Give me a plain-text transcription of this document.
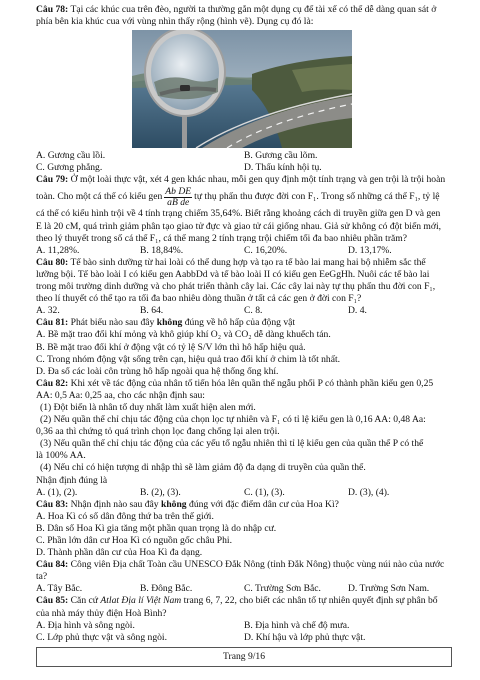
Câu 78: Tại các khúc cua trên đèo, người ta thường gắn một dụng cụ để tài xế có thể dễ dàng quan sát ở

phía bên kia khúc cua với vùng nhìn thấy rộng (hình vẽ). Dụng cụ đó là:

A. Gương cầu lồi.	B. Gương cầu lõm.
C. Gương phẳng.	D. Thấu kính hội tụ.

Câu 79: Ở một loài thực vật, xét 4 gen khác nhau, mỗi gen quy định một tính trạng và gen trội là trội hoàn

toàn. Cho một cá thể có kiểu gen $\frac{\text{Ab DE}}{\text{aB de}}$ tự thụ phấn thu được đời con F₁. Trong số những cá thể F₁, tỷ lệ

cá thể có kiểu hình trội về 4 tính trạng chiếm 35,64%. Biết rằng khoảng cách di truyền giữa gen D và gen

E là 20 cM, quá trình giảm phân tạo giao tử đực và giao tử cái giống nhau. Giả sử không có đột biến mới,

theo lý thuyết trong số cá thể F₁, cá thể mang 2 tính trạng trội chiếm tối đa bao nhiêu phần trăm?

A. 11,28%.	B. 18,84%.	C. 16,20%.	D. 13,17%.

Câu 80: Tế bào sinh dưỡng từ hai loài có thể dung hợp và tạo ra tế bào lai mang hai bộ nhiễm sắc thể

lưỡng bội. Tế bào loài I có kiểu gen AabbDd và tế bào loài II có kiểu gen EeGgHh. Nuôi các tế bào lai

trong môi trường dinh dưỡng và cho phát triển thành cây lai. Các cây lai này tự thụ phấn thu đời con F₁,

theo lí thuyết có thể tạo ra tối đa bao nhiêu dòng thuần ở tất cả các gen ở đời con F₁?

A. 32.	B. 64.	C. 8.	D. 4.

Câu 81: Phát biểu nào sau đây không đúng về hô hấp của động vật

A. Bề mặt trao đổi khí mỏng và khô giúp khí O₂ và CO₂ dễ dàng khuếch tán.

B. Bề mặt trao đổi khí ở động vật có tỷ lệ S/V lớn thì hô hấp hiệu quả.

C. Trong nhóm động vật sống trên cạn, hiệu quả trao đổi khí ở chim là tốt nhất.

D. Đa số các loài côn trùng hô hấp ngoài qua hệ thống ống khí.

Câu 82: Khi xét về tác động của nhân tố tiến hóa lên quần thể ngẫu phối P có thành phần kiểu gen 0,25

AA: 0,5 Aa: 0,25 aa, cho các nhận định sau:

(1) Đột biến là nhân tố duy nhất làm xuất hiện alen mới.

(2) Nếu quần thể chỉ chịu tác động của chọn lọc tự nhiên và F₁ có tỉ lệ kiểu gen là 0,16 AA: 0,48 Aa:

0,36 aa thì chứng tỏ quá trình chọn lọc đang chống lại alen trội.

(3) Nếu quần thể chỉ chịu tác động của các yếu tố ngẫu nhiên thì tỉ lệ kiểu gen của quần thể P có thể

là 100% AA.

(4) Nếu chỉ có hiện tượng di nhập thì sẽ làm giảm độ đa dạng di truyền của quần thể.

Nhận định đúng là

A. (1), (2).	B. (2), (3).	C. (1), (3).	D. (3), (4).

Câu 83: Nhận định nào sau đây không đúng với đặc điểm dân cư của Hoa Kì?

A. Hoa Kì có số dân đông thứ ba trên thế giới.

B. Dân số Hoa Kì gia tăng một phần quan trọng là do nhập cư.

C. Phần lớn dân cư Hoa Kì có nguồn gốc châu Phi.

D. Thành phần dân cư của Hoa Kì đa dạng.

Câu 84: Công viên Địa chất Toàn cầu UNESCO Đắk Nông (tỉnh Đắk Nông) thuộc vùng núi nào của nước

ta?

A. Tây Bắc.	B. Đông Bắc.	C. Trường Sơn Bắc.	D. Trường Sơn Nam.

Câu 85: Căn cứ Atlat Địa lí Việt Nam trang 6, 7, 22, cho biết các nhân tố tự nhiên quyết định sự phân bố

của nhà máy thủy điện Hoà Bình?

A. Địa hình và sông ngòi.	B. Địa hình và chế độ mưa.
C. Lớp phủ thực vật và sông ngòi.	D. Khí hậu và lớp phủ thực vật.
Trang 9/16
